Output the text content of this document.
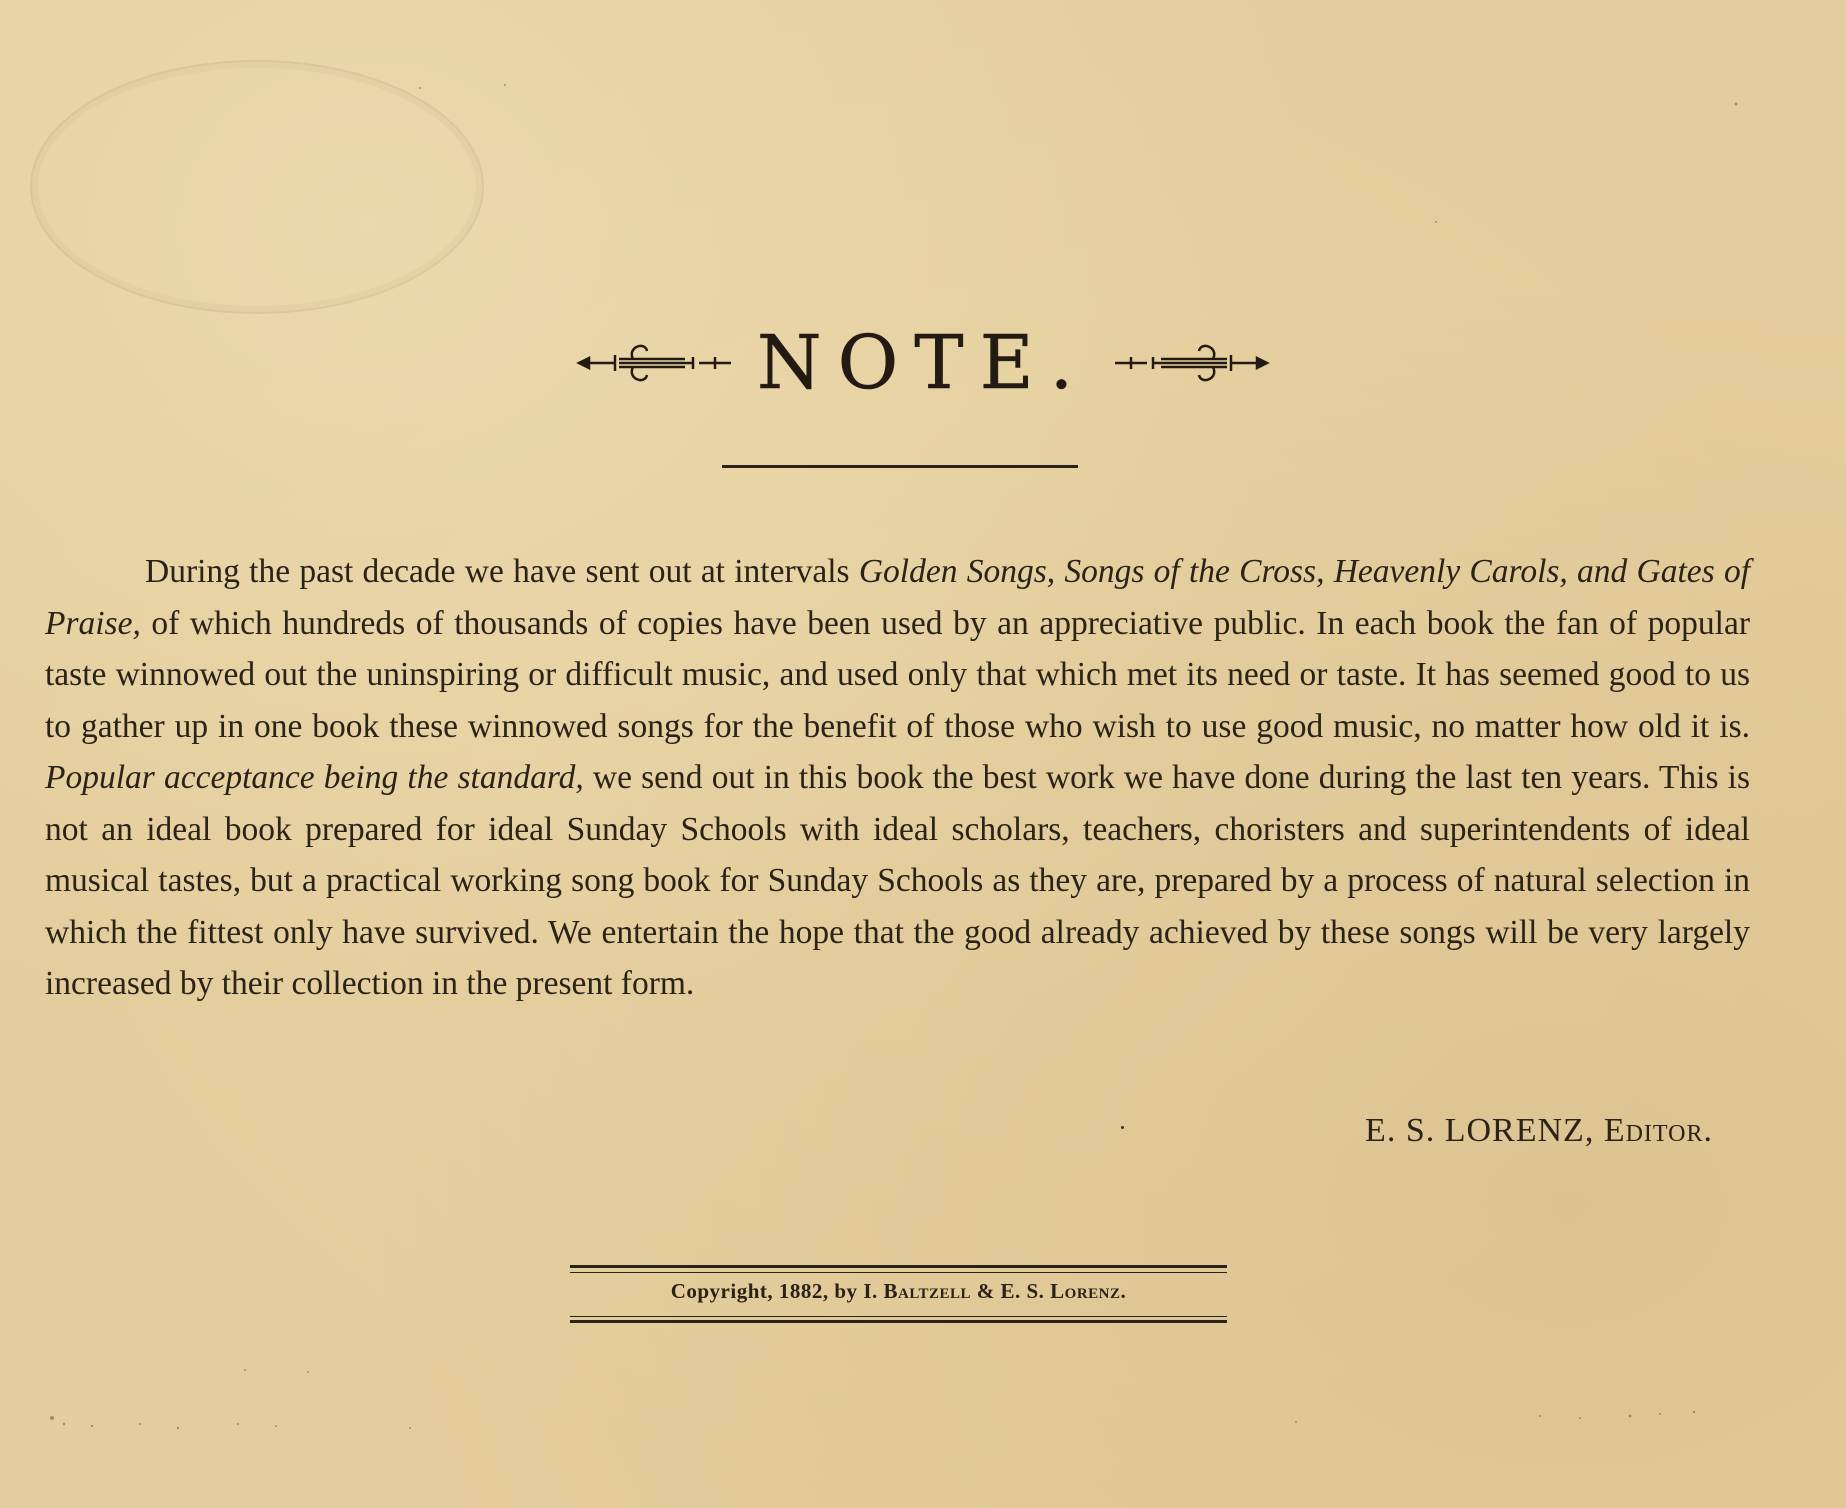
NOTE.

During the past decade we have sent out at intervals Golden Songs, Songs of the Cross, Heavenly Carols, and Gates of Praise, of which hundreds of thousands of copies have been used by an appreciative public. In each book the fan of popular taste winnowed out the uninspiring or difficult music, and used only that which met its need or taste. It has seemed good to us to gather up in one book these winnowed songs for the benefit of those who wish to use good music, no matter how old it is. Popular acceptance being the standard, we send out in this book the best work we have done during the last ten years. This is not an ideal book prepared for ideal Sunday Schools with ideal scholars, teachers, choristers and superintendents of ideal musical tastes, but a practical working song book for Sunday Schools as they are, prepared by a process of natural selection in which the fittest only have survived. We entertain the hope that the good already achieved by these songs will be very largely increased by their collection in the present form.

E. S. LORENZ, Editor.
Copyright, 1882, by I. Baltzell & E. S. Lorenz.
